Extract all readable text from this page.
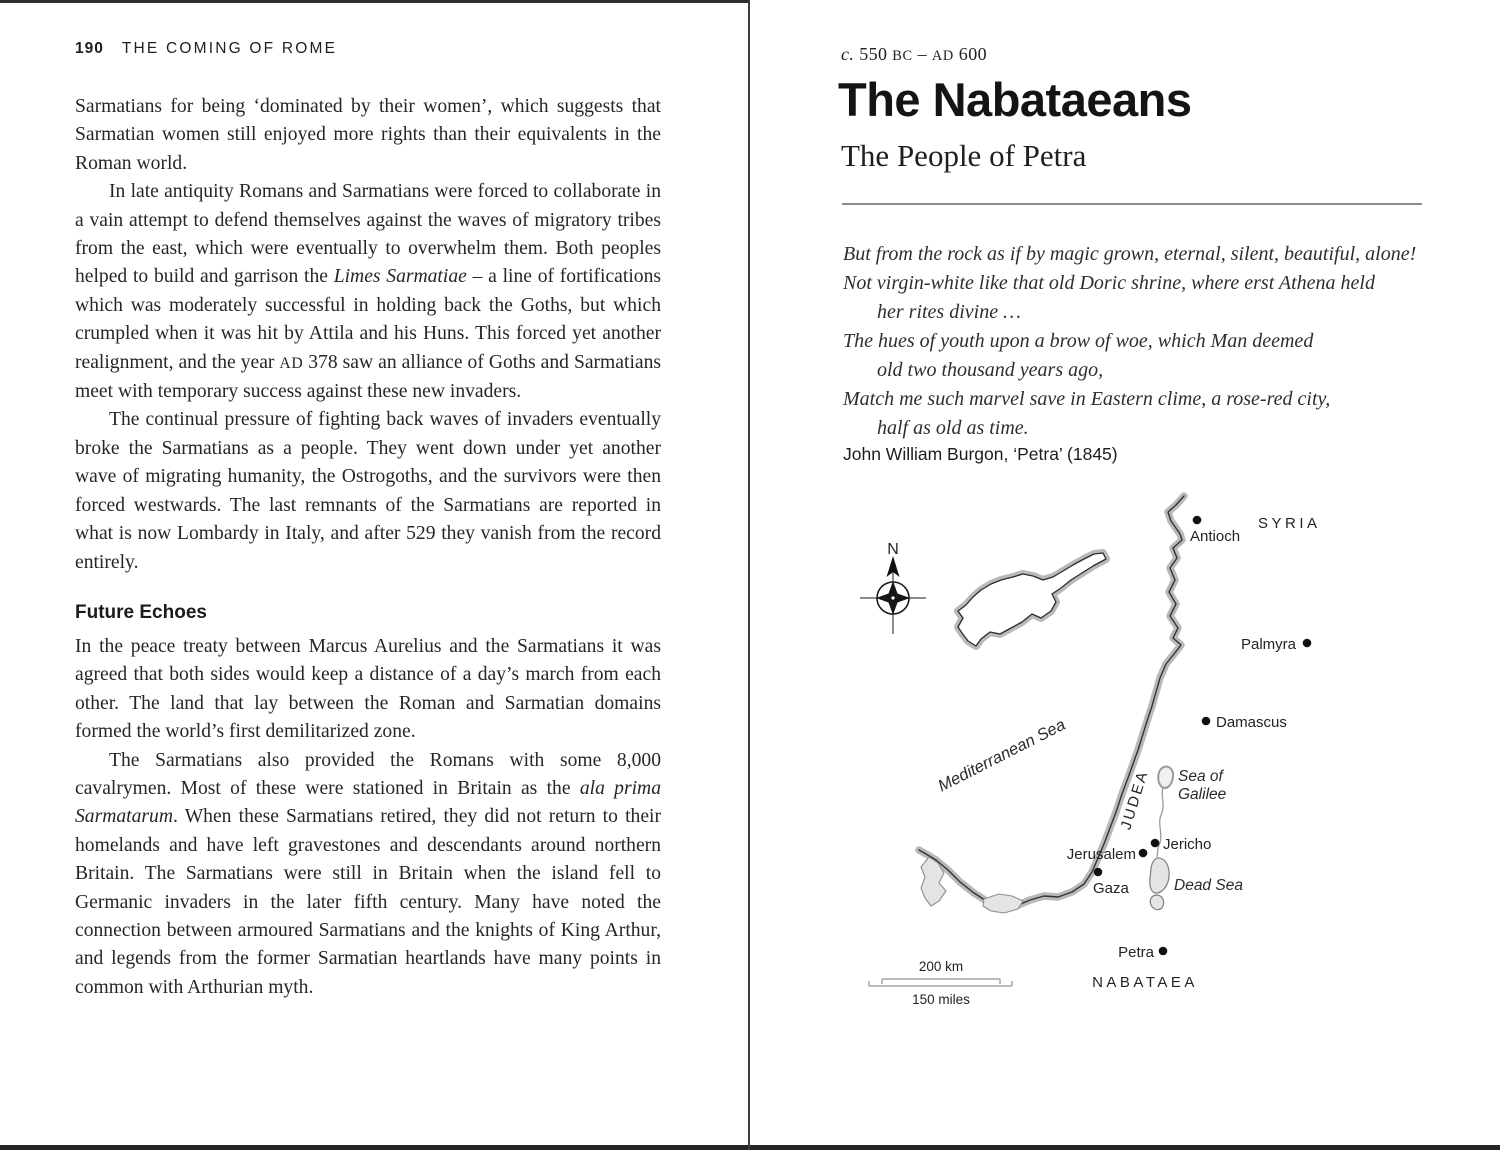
190 THE COMING OF ROME

Sarmatians for being ‘dominated by their women’, which suggests that Sarmatian women still enjoyed more rights than their equivalents in the Roman world.

In late antiquity Romans and Sarmatians were forced to collaborate in a vain attempt to defend themselves against the waves of migratory tribes from the east, which were eventually to overwhelm them. Both peoples helped to build and garrison the Limes Sarmatiae – a line of fortifications which was moderately successful in holding back the Goths, but which crumpled when it was hit by Attila and his Huns. This forced yet another realignment, and the year AD 378 saw an alliance of Goths and Sarmatians meet with temporary success against these new invaders.

The continual pressure of fighting back waves of invaders eventually broke the Sarmatians as a people. They went down under yet another wave of migrating humanity, the Ostrogoths, and the survivors were then forced westwards. The last remnants of the Sarmatians are reported in what is now Lombardy in Italy, and after 529 they vanish from the record entirely.

Future Echoes

In the peace treaty between Marcus Aurelius and the Sarmatians it was agreed that both sides would keep a distance of a day’s march from each other. The land that lay between the Roman and Sarmatian domains formed the world’s first demilitarized zone.

The Sarmatians also provided the Romans with some 8,000 cavalrymen. Most of these were stationed in Britain as the ala prima Sarmatarum. When these Sarmatians retired, they did not return to their homelands and have left gravestones and descendants around northern Britain. The Sarmatians were still in Britain when the island fell to Germanic invaders in the later fifth century. Many have noted the connection between armoured Sarmatians and the knights of King Arthur, and legends from the former Sarmatian heartlands have many points in common with Arthurian myth.

c. 550 BC – AD 600
The Nabataeans
The People of Petra
But from the rock as if by magic grown, eternal, silent, beautiful, alone!
Not virgin-white like that old Doric shrine, where erst Athena held
her rites divine …
The hues of youth upon a brow of woe, which Man deemed
old two thousand years ago,
Match me such marvel save in Eastern clime, a rose-red city,
half as old as time.
John William Burgon, ‘Petra’ (1845)
N
Antioch
SYRIA
Palmyra
Damascus
Mediterranean Sea
JUDEA Sea of
Galilee
Jericho
Jerusalem
Gaza	Dead Sea
Petra
NABATAEA
200 km
150 miles
